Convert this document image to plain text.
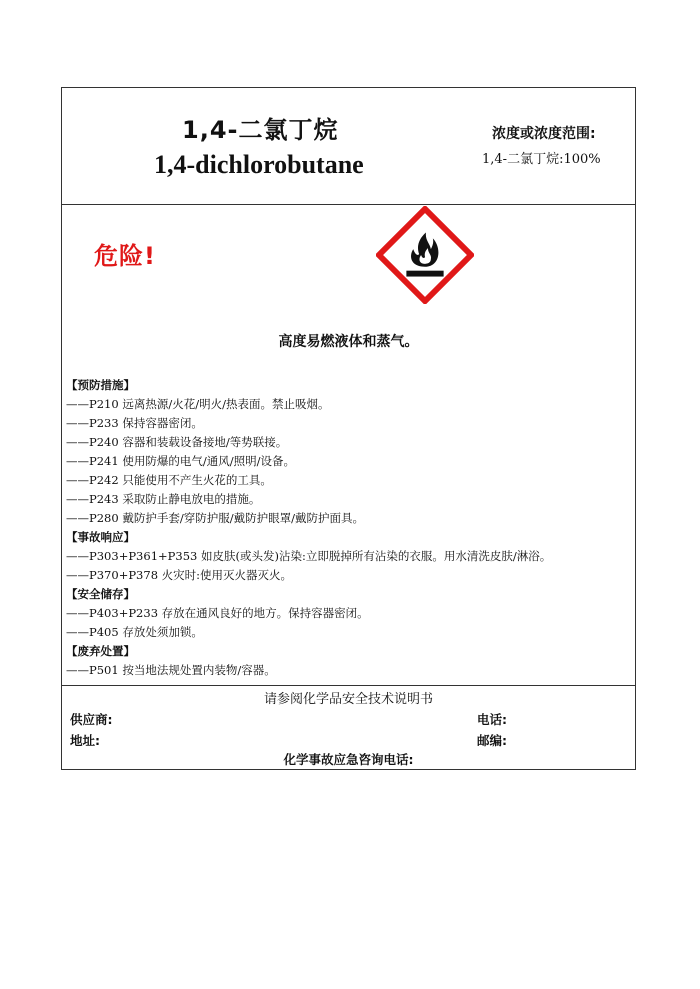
1,4-二氯丁烷
1,4-dichlorobutane
浓度或浓度范围:
1,4-二氯丁烷:100%
危险!
高度易燃液体和蒸气。
【预防措施】
——P210 远离热源/火花/明火/热表面。禁止吸烟。
——P233 保持容器密闭。
——P240 容器和装载设备接地/等势联接。
——P241 使用防爆的电气/通风/照明/设备。
——P242 只能使用不产生火花的工具。
——P243 采取防止静电放电的措施。
——P280 戴防护手套/穿防护服/戴防护眼罩/戴防护面具。
【事故响应】
——P303+P361+P353 如皮肤(或头发)沾染:立即脱掉所有沾染的衣服。用水清洗皮肤/淋浴。
——P370+P378 火灾时:使用灭火器灭火。
【安全储存】
——P403+P233 存放在通风良好的地方。保持容器密闭。
——P405 存放处须加锁。
【废弃处置】
——P501 按当地法规处置内装物/容器。
请参阅化学品安全技术说明书
供应商:	电话:
地址:	邮编:
化学事故应急咨询电话:
